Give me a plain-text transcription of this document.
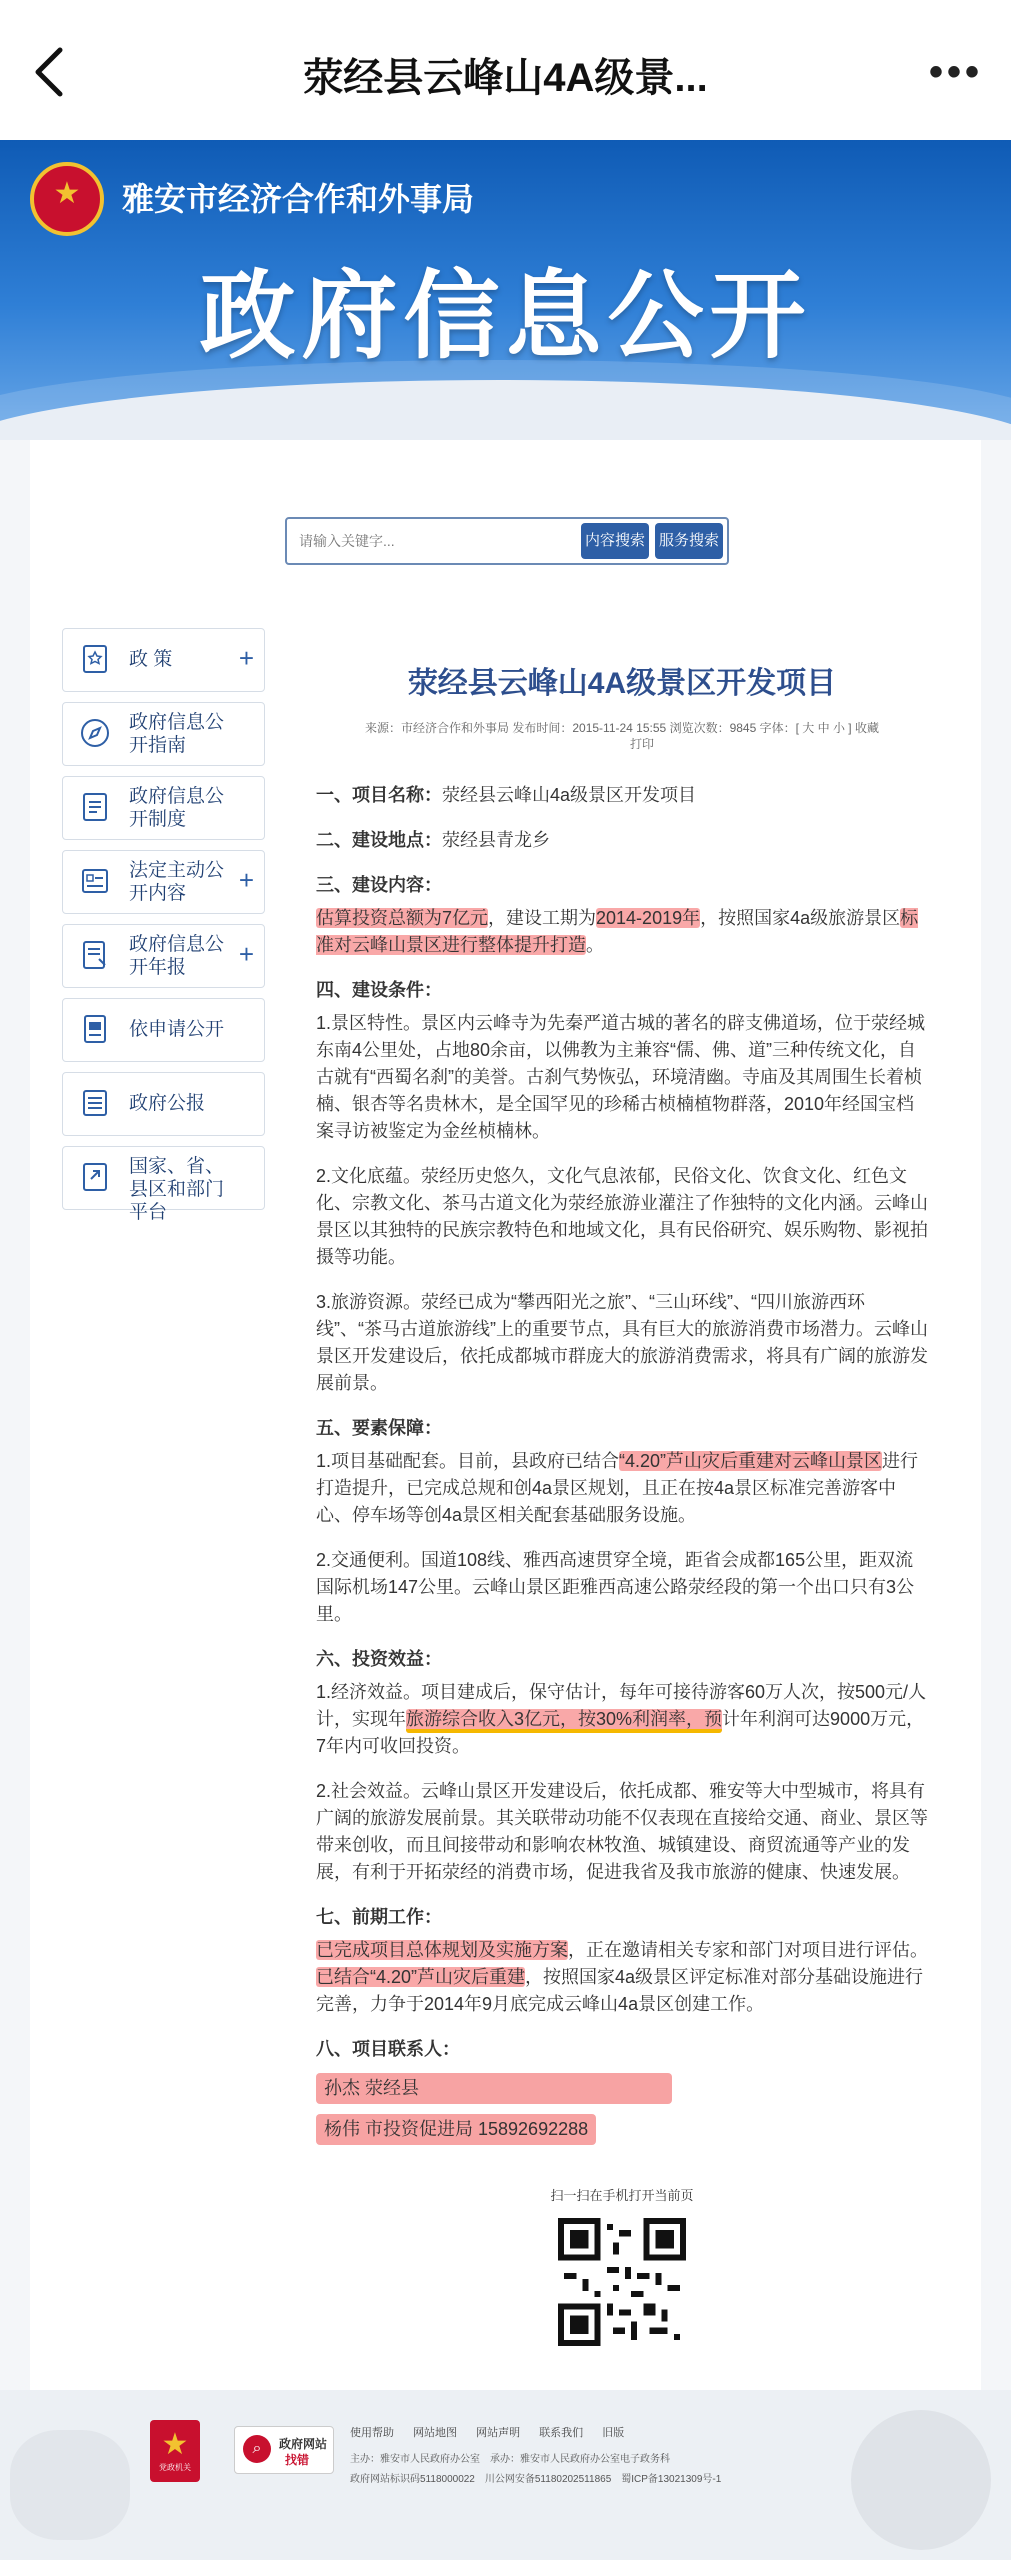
荥经县云峰山4A级景...	•••
★
雅安市经济合作和外事局
政府信息公开
请输入关键字...
内容搜索 服务搜索
政 策	+
政府信息公开指南
政府信息公开制度
法定主动公开内容	+
政府信息公开年报	+
依申请公开
政府公报
国家、省、县区和部门平台
荥经县云峰山4A级景区开发项目
来源：市经济合作和外事局 发布时间：2015-11-24 15:55 浏览次数：9845 字体：[ 大 中 小 ] 收藏
打印

一、项目名称：荥经县云峰山4a级景区开发项目

二、建设地点：荥经县青龙乡

三、建设内容：

估算投资总额为7亿元，建设工期为2014-2019年，按照国家4a级旅游景区标准对云峰山景区进行整体提升打造。

四、建设条件：

1.景区特性。景区内云峰寺为先秦严道古城的著名的辟支佛道场，位于荥经城东南4公里处，占地80余亩，以佛教为主兼容“儒、佛、道”三种传统文化，自古就有“西蜀名刹”的美誉。古刹气势恢弘，环境清幽。寺庙及其周围生长着桢楠、银杏等名贵林木，是全国罕见的珍稀古桢楠植物群落，2010年经国宝档案寻访被鉴定为金丝桢楠林。

2.文化底蕴。荥经历史悠久，文化气息浓郁，民俗文化、饮食文化、红色文化、宗教文化、茶马古道文化为荥经旅游业灌注了作独特的文化内涵。云峰山景区以其独特的民族宗教特色和地域文化，具有民俗研究、娱乐购物、影视拍摄等功能。

3.旅游资源。荥经已成为“攀西阳光之旅”、“三山环线”、“四川旅游西环线”、“茶马古道旅游线”上的重要节点，具有巨大的旅游消费市场潜力。云峰山景区开发建设后，依托成都城市群庞大的旅游消费需求，将具有广阔的旅游发展前景。

五、要素保障：

1.项目基础配套。目前，县政府已结合“4.20”芦山灾后重建对云峰山景区进行打造提升，已完成总规和创4a景区规划，且正在按4a景区标准完善游客中心、停车场等创4a景区相关配套基础服务设施。

2.交通便利。国道108线、雅西高速贯穿全境，距省会成都165公里，距双流国际机场147公里。云峰山景区距雅西高速公路荥经段的第一个出口只有3公里。

六、投资效益：

1.经济效益。项目建成后，保守估计，每年可接待游客60万人次，按500元/人计，实现年旅游综合收入3亿元，按30%利润率，预计年利润可达9000万元，7年内可收回投资。

2.社会效益。云峰山景区开发建设后，依托成都、雅安等大中型城市，将具有广阔的旅游发展前景。其关联带动功能不仅表现在直接给交通、商业、景区等带来创收，而且间接带动和影响农林牧渔、城镇建设、商贸流通等产业的发展，有利于开拓荥经的消费市场，促进我省及我市旅游的健康、快速发展。

七、前期工作：

已完成项目总体规划及实施方案，正在邀请相关专家和部门对项目进行评估。已结合“4.20”芦山灾后重建，按照国家4a级景区评定标准对部分基础设施进行完善，力争于2014年9月底完成云峰山4a景区创建工作。

八、项目联系人：

孙杰 荥经县

杨伟 市投资促进局 15892692288

扫一扫在手机打开当前页
★
党政机关
⌕	政府网站
找错
使用帮助 网站地图 网站声明 联系我们 旧版
主办：雅安市人民政府办公室　承办：雅安市人民政府办公室电子政务科
政府网站标识码5118000022　川公网安备51180202511865　蜀ICP备13021309号-1
